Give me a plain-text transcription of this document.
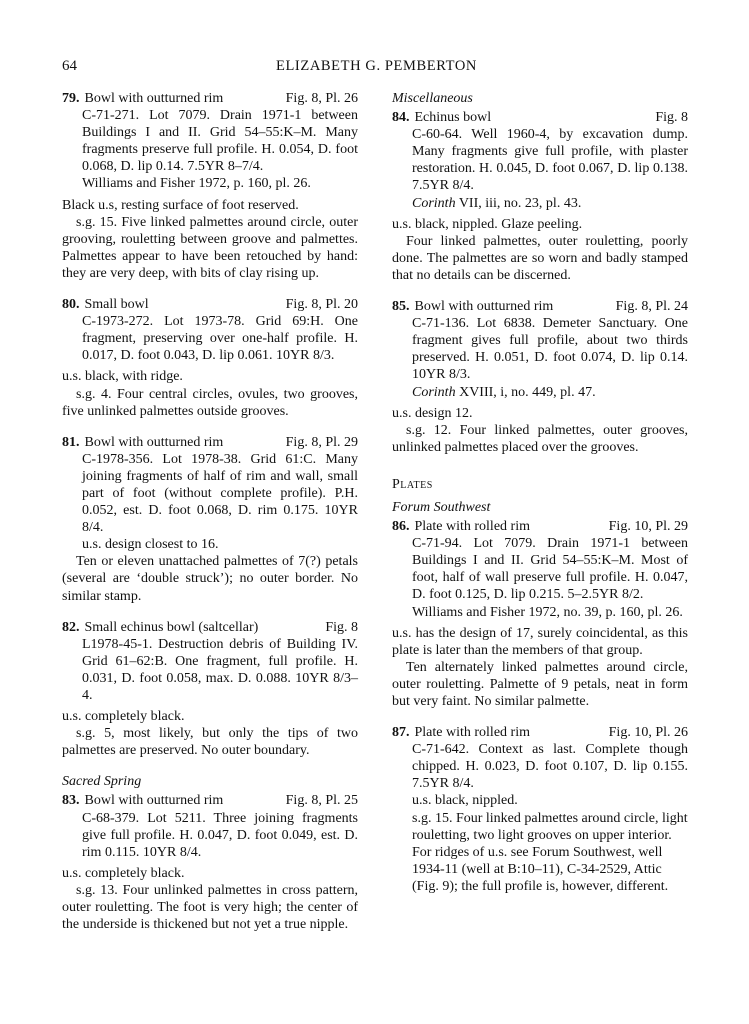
64	ELIZABETH G. PEMBERTON
79. Bowl with outturned rim	Fig. 8, Pl. 26
C-71-271. Lot 7079. Drain 1971-1 between Buildings I and II. Grid 54–55:K–M. Many fragments preserve full profile. H. 0.054, D. foot 0.068, D. lip 0.14. 7.5YR 8–7/4.
Williams and Fisher 1972, p. 160, pl. 26.
Black u.s, resting surface of foot reserved.
s.g. 15. Five linked palmettes around circle, outer grooving, rouletting between groove and palmettes. Palmettes appear to have been retouched by hand: they are very deep, with bits of clay rising up.
80. Small bowl	Fig. 8, Pl. 20
C-1973-272. Lot 1973-78. Grid 69:H. One fragment, preserving over one-half profile. H. 0.017, D. foot 0.043, D. lip 0.061. 10YR 8/3.
u.s. black, with ridge.
s.g. 4. Four central circles, ovules, two grooves, five unlinked palmettes outside grooves.
81. Bowl with outturned rim	Fig. 8, Pl. 29
C-1978-356. Lot 1978-38. Grid 61:C. Many joining fragments of half of rim and wall, small part of foot (without complete profile). P.H. 0.052, est. D. foot 0.068, D. rim 0.175. 10YR 8/4.
u.s. design closest to 16.
Ten or eleven unattached palmettes of 7(?) petals (several are ‘double struck’); no outer border. No similar stamp.
82. Small echinus bowl (saltcellar)	Fig. 8
L1978-45-1. Destruction debris of Building IV. Grid 61–62:B. One fragment, full profile. H. 0.031, D. foot 0.058, max. D. 0.088. 10YR 8/3–4.
u.s. completely black.
s.g. 5, most likely, but only the tips of two palmettes are preserved. No outer boundary.
Sacred Spring
83. Bowl with outturned rim	Fig. 8, Pl. 25
C-68-379. Lot 5211. Three joining fragments give full profile. H. 0.047, D. foot 0.049, est. D. rim 0.115. 10YR 8/4.
u.s. completely black.
s.g. 13. Four unlinked palmettes in cross pattern, outer rouletting. The foot is very high; the center of the underside is thickened but not yet a true nipple.
Miscellaneous
84. Echinus bowl	Fig. 8
C-60-64. Well 1960-4, by excavation dump. Many fragments give full profile, with plaster restoration. H. 0.045, D. foot 0.067, D. lip 0.138. 7.5YR 8/4.
Corinth VII, iii, no. 23, pl. 43.
u.s. black, nippled. Glaze peeling.
Four linked palmettes, outer rouletting, poorly done. The palmettes are so worn and badly stamped that no details can be discerned.
85. Bowl with outturned rim	Fig. 8, Pl. 24
C-71-136. Lot 6838. Demeter Sanctuary. One fragment gives full profile, about two thirds preserved. H. 0.051, D. foot 0.074, D. lip 0.14. 10YR 8/3.
Corinth XVIII, i, no. 449, pl. 47.
u.s. design 12.
s.g. 12. Four linked palmettes, outer grooves, unlinked palmettes placed over the grooves.
Plates
Forum Southwest
86. Plate with rolled rim	Fig. 10, Pl. 29
C-71-94. Lot 7079. Drain 1971-1 between Buildings I and II. Grid 54–55:K–M. Most of foot, half of wall preserve full profile. H. 0.047, D. foot 0.125, D. lip 0.215. 5–2.5YR 8/2.
Williams and Fisher 1972, no. 39, p. 160, pl. 26.
u.s. has the design of 17, surely coincidental, as this plate is later than the members of that group.
Ten alternately linked palmettes around circle, outer rouletting. Palmette of 9 petals, neat in form but very faint. No similar palmette.
87. Plate with rolled rim	Fig. 10, Pl. 26
C-71-642. Context as last. Complete though chipped. H. 0.023, D. foot 0.107, D. lip 0.155. 7.5YR 8/4.
u.s. black, nippled.
s.g. 15. Four linked palmettes around circle, light rouletting, two light grooves on upper interior. For ridges of u.s. see Forum Southwest, well 1934-11 (well at B:10–11), C-34-2529, Attic (Fig. 9); the full profile is, however, different.
